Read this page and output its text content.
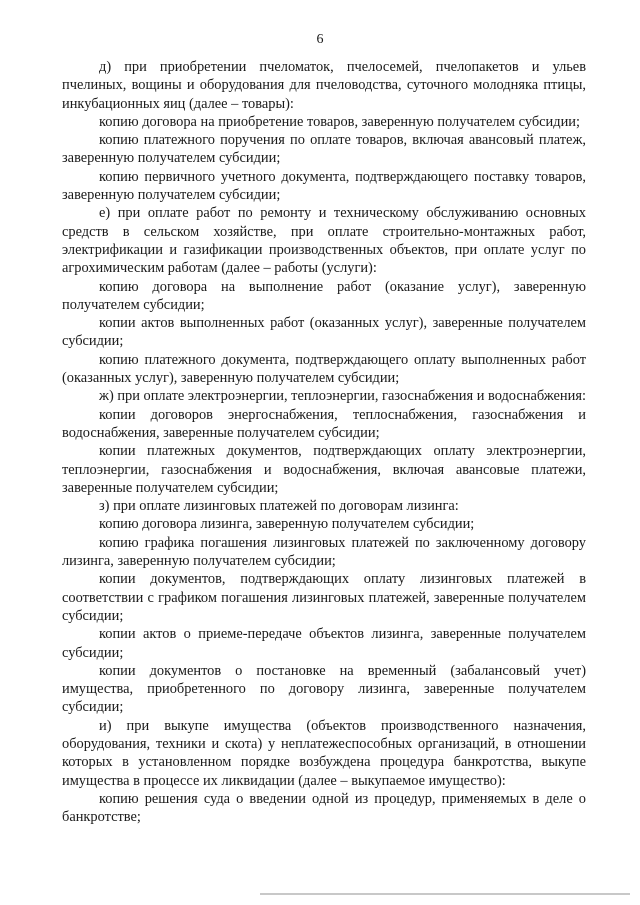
6

д) при приобретении пчеломаток, пчелосемей, пчелопакетов и ульев пчелиных, вощины и оборудования для пчеловодства, суточного молодняка птицы, инкубационных яиц (далее – товары):

копию договора на приобретение товаров, заверенную получателем субсидии;

копию платежного поручения по оплате товаров, включая авансовый платеж, заверенную получателем субсидии;

копию первичного учетного документа, подтверждающего поставку товаров, заверенную получателем субсидии;

е) при оплате работ по ремонту и техническому обслуживанию основных средств в сельском хозяйстве, при оплате строительно-монтажных работ, электрификации и газификации производственных объектов, при оплате услуг по агрохимическим работам (далее – работы (услуги):

копию договора на выполнение работ (оказание услуг), заверенную получателем субсидии;

копии актов выполненных работ (оказанных услуг), заверенные получателем субсидии;

копию платежного документа, подтверждающего оплату выполненных работ (оказанных услуг), заверенную получателем субсидии;

ж) при оплате электроэнергии, теплоэнергии, газоснабжения и водоснабжения:

копии договоров энергоснабжения, теплоснабжения, газоснабжения и водоснабжения, заверенные получателем субсидии;

копии платежных документов, подтверждающих оплату электроэнергии, теплоэнергии, газоснабжения и водоснабжения, включая авансовые платежи, заверенные получателем субсидии;

з) при оплате лизинговых платежей по договорам лизинга:

копию договора лизинга, заверенную получателем субсидии;

копию графика погашения лизинговых платежей по заключенному договору лизинга, заверенную получателем субсидии;

копии документов, подтверждающих оплату лизинговых платежей в соответствии с графиком погашения лизинговых платежей, заверенные получателем субсидии;

копии актов о приеме-передаче объектов лизинга, заверенные получателем субсидии;

копии документов о постановке на временный (забалансовый учет) имущества, приобретенного по договору лизинга, заверенные получателем субсидии;

и) при выкупе имущества (объектов производственного назначения, оборудования, техники и скота) у неплатежеспособных организаций, в отношении которых в установленном порядке возбуждена процедура банкротства, выкупе имущества в процессе их ликвидации (далее – выкупаемое имущество):

копию решения суда о введении одной из процедур, применяемых в деле о банкротстве;
